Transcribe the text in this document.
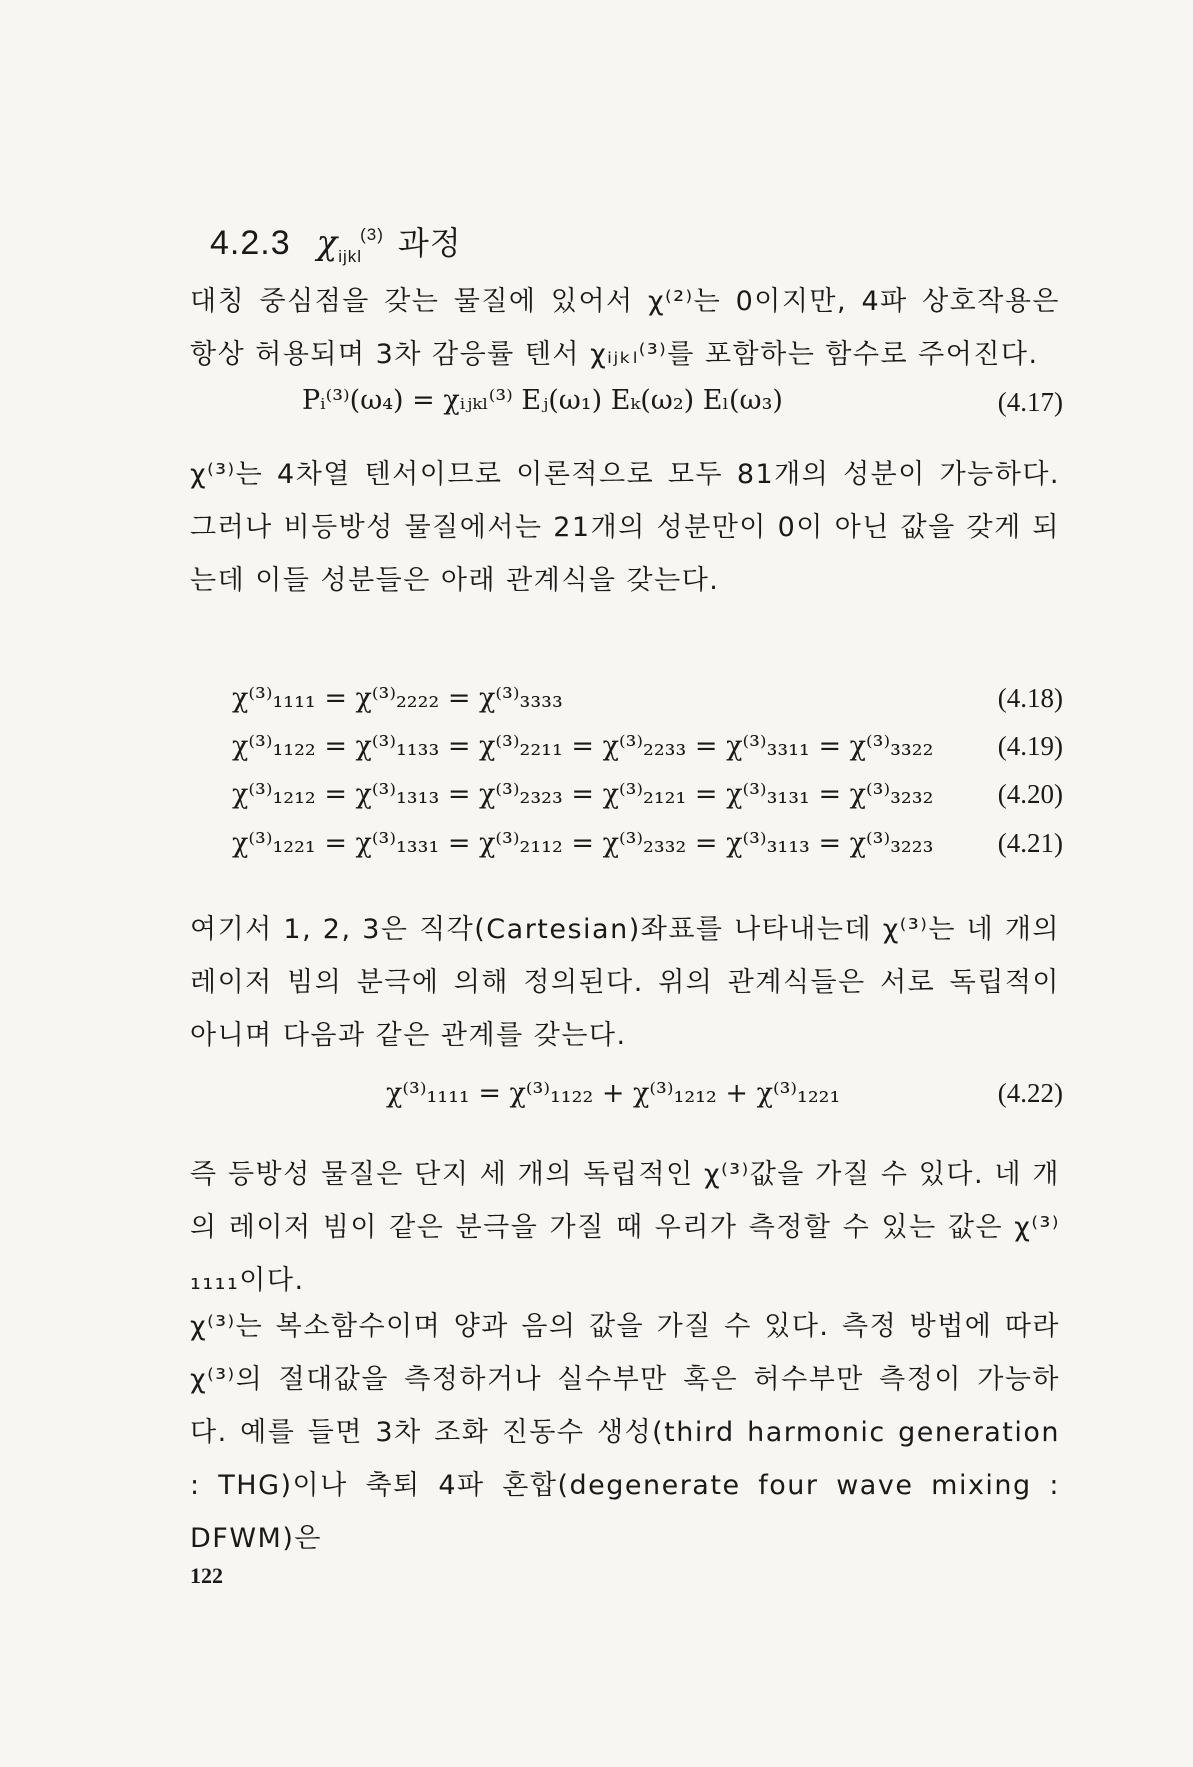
4.2.3 $\chi_{ijkl}^{(3)}$ 과정
대칭 중심점을 갖는 물질에 있어서 χ⁽²⁾는 0이지만, 4파 상호작용은 항상 허용되며 3차 감응률 텐서 χᵢⱼₖₗ⁽³⁾를 포함하는 함수로 주어진다.
Pᵢ⁽³⁾(ω₄) = χᵢⱼₖₗ⁽³⁾ Eⱼ(ω₁) Eₖ(ω₂) Eₗ(ω₃)	(4.17)
χ⁽³⁾는 4차열 텐서이므로 이론적으로 모두 81개의 성분이 가능하다. 그러나 비등방성 물질에서는 21개의 성분만이 0이 아닌 값을 갖게 되는데 이들 성분들은 아래 관계식을 갖는다.
χ⁽³⁾₁₁₁₁ = χ⁽³⁾₂₂₂₂ = χ⁽³⁾₃₃₃₃	(4.18)
χ⁽³⁾₁₁₂₂ = χ⁽³⁾₁₁₃₃ = χ⁽³⁾₂₂₁₁ = χ⁽³⁾₂₂₃₃ = χ⁽³⁾₃₃₁₁ = χ⁽³⁾₃₃₂₂ (4.19)
χ⁽³⁾₁₂₁₂ = χ⁽³⁾₁₃₁₃ = χ⁽³⁾₂₃₂₃ = χ⁽³⁾₂₁₂₁ = χ⁽³⁾₃₁₃₁ = χ⁽³⁾₃₂₃₂ (4.20)
χ⁽³⁾₁₂₂₁ = χ⁽³⁾₁₃₃₁ = χ⁽³⁾₂₁₁₂ = χ⁽³⁾₂₃₃₂ = χ⁽³⁾₃₁₁₃ = χ⁽³⁾₃₂₂₃ (4.21)
여기서 1, 2, 3은 직각(Cartesian)좌표를 나타내는데 χ⁽³⁾는 네 개의 레이저 빔의 분극에 의해 정의된다. 위의 관계식들은 서로 독립적이 아니며 다음과 같은 관계를 갖는다.
χ⁽³⁾₁₁₁₁ = χ⁽³⁾₁₁₂₂ + χ⁽³⁾₁₂₁₂ + χ⁽³⁾₁₂₂₁	(4.22)
즉 등방성 물질은 단지 세 개의 독립적인 χ⁽³⁾값을 가질 수 있다. 네 개의 레이저 빔이 같은 분극을 가질 때 우리가 측정할 수 있는 값은 χ⁽³⁾₁₁₁₁이다.
χ⁽³⁾는 복소함수이며 양과 음의 값을 가질 수 있다. 측정 방법에 따라 χ⁽³⁾의 절대값을 측정하거나 실수부만 혹은 허수부만 측정이 가능하다. 예를 들면 3차 조화 진동수 생성(third harmonic generation : THG)이나 축퇴 4파 혼합(degenerate four wave mixing : DFWM)은
122
